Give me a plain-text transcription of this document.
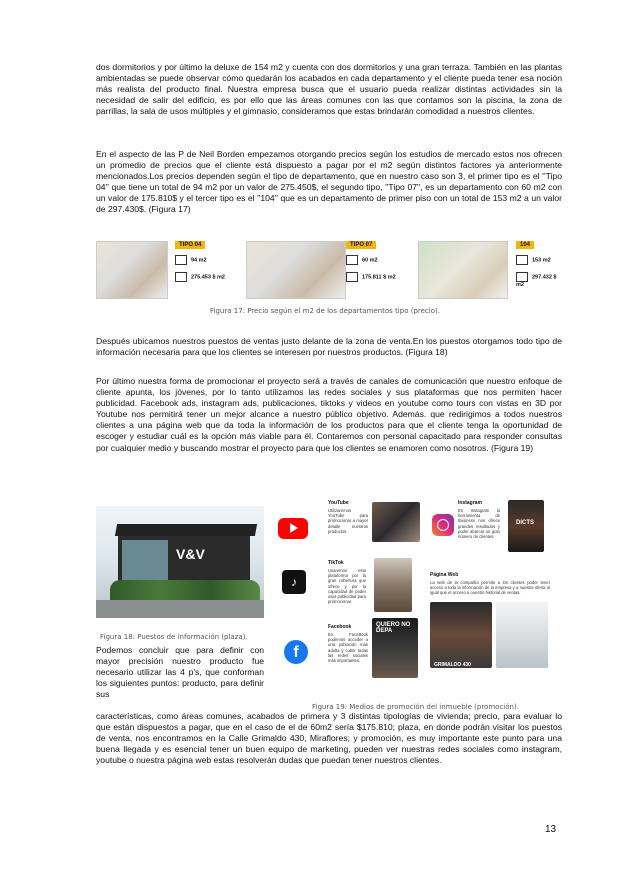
dos dormitorios y por último la deluxe de 154 m2 y cuenta con dos dormitorios y una gran terraza. También en las plantas ambientadas se puede observar cómo quedarán los acabados en cada departamento y el cliente pueda tener esa noción más realista del producto final. Nuestra empresa busca que el usuario pueda realizar distintas actividades sin la necesidad de salir del edificio, es por ello que las áreas comunes con las que contamos son la piscina, la zona de parrillas, la sala de usos múltiples y el gimnasio, consideramos que estas brindarán comodidad a nuestros clientes.
En el aspecto de las P de Neil Borden empezamos otorgando precios según los estudios de mercado estos nos ofrecen un promedio de precios que el cliente está dispuesto a pagar por el m2 según distintos factores ya anteriormente mencionados.Los precios dependen según el tipo de departamento, que en nuestro caso son 3, el primer tipo es el ''Tipo 04'' que tiene un total de 94 m2 por un valor de 275.450$, el segundo tipo, ''Tipo 07'', es un departamento con 60 m2 con un valor de 175.810$ y el tercer tipo es el ''104'' que es un departamento de primer piso con un total de 153 m2 a un valor de 297.430$. (Figura 17)
TIPO 04
94 m2
275.453 $ m2
TIPO 07
60 m2
175.811 $ m2
104
153 m2
297.432 $ m2
Figura 17: Precio según el m2 de los departamentos tipo (precio).
Después ubicamos nuestros puestos de ventas justo delante de la zona de venta.En los puestos otorgamos todo tipo de información necesaria para que los clientes se interesen por nuestros productos. (Figura 18)
Por último nuestra forma de promocionar el proyecto será a través de canales de comunicación que nuestro enfoque de cliente apunta, los jóvenes, por lo tanto utilizamos las redes sociales y sus plataformas que nos permiten hacer publicidad. Facebook ads, instagram ads, publicaciones, tiktoks y videos en youtube como tours con vistas en 3D por Youtube nos permitirá tener un mejor alcance a nuestro público objetivo. Además. que redirigimos a todos nuestros clientes a una página web que da toda la información de los productos para que el cliente tenga la oportunidad de escoger y estudiar cuál es la opción más viable para él. Contaremos con personal capacitado para responder consultas por cualquier medio y buscando mostrar el proyecto para que los clientes se enamoren como nosotros. (Figura 19)
V&V
Figura 18: Puestos de información (plaza).
YouTube
Utilizaremos YouTube para promocionar a mayor detalle nuestros productos.
Instagram
En Instagram la herramienta de Business nos ofrece grandes resultados y poder abarcar un gran número de clientes.
DICTS
♪
TikTok
Usaremos esta plataforma por la gran cobertura que ofrece y por la capacidad de poder usar publicidad para promocionar.
Página Web
La web de la compañía permite a los clientes poder tener acceso a toda la información de la empresa y a nuestra oferta al igual que el acceso a nuestro historial de ventas.
GRIMALDO 430
f
Facebook
En FaceBook podemos acceder a una población más adulta y cubrir todas las redes sociales más importantes.
QUIERO NO DEPA
Figura 19: Medios de promoción del inmueble (promoción).
Podemos concluir que para definir con mayor precisión nuestro producto fue necesario utilizar las 4 p's, que conforman los siguientes puntos: producto, para definir sus
características, como áreas comunes, acabados de primera y 3 distintas tipologías de vivienda; precio, para evaluar lo que están dispuestos a pagar, que en el caso de el de 60m2 sería $175.810; plaza, en donde podrán visitar los puestos de venta, nos encontramos en la Calle Grimaldo 430, Miraflores; y promoción, es muy importante este punto para una buena llegada y es esencial tener un buen equipo de marketing, pueden ver nuestras redes sociales como instagram, youtube o nuestra página web estas resolverán dudas que puedan tener nuestros clientes.
13
